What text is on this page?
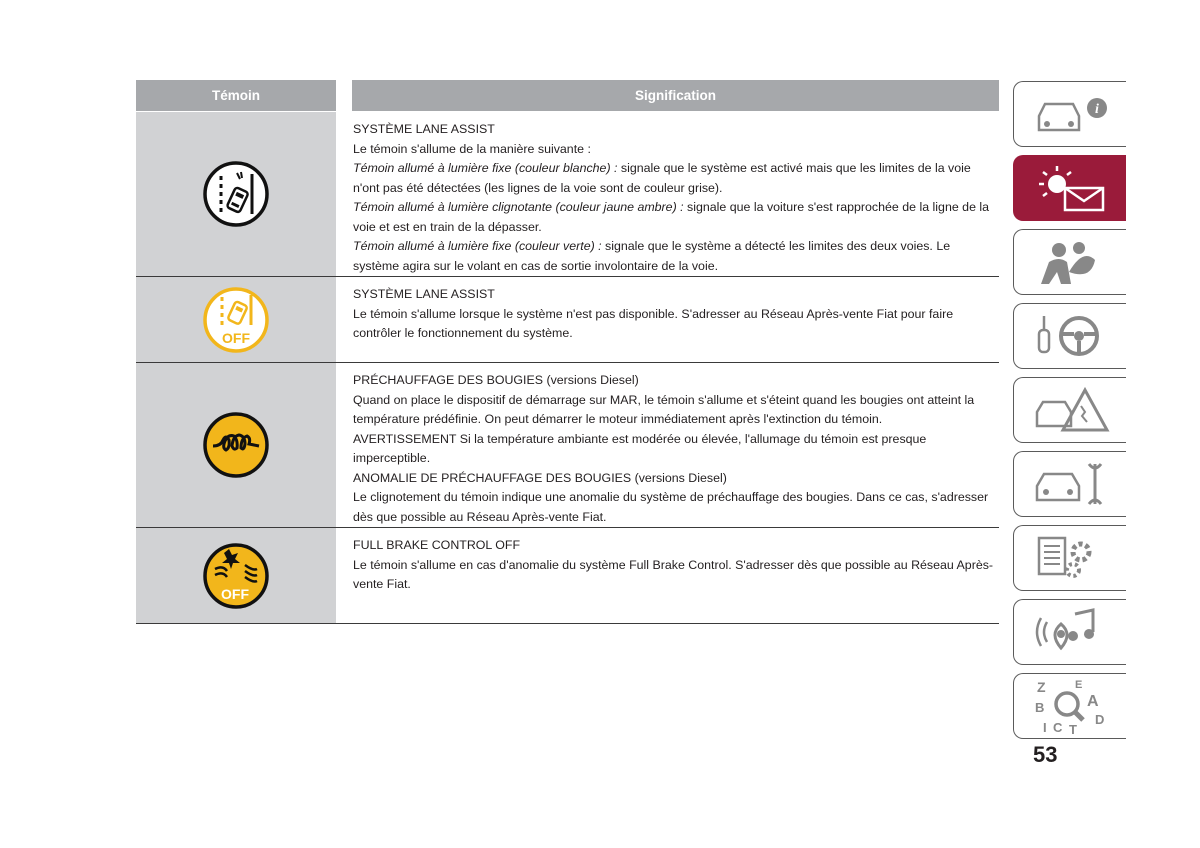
Témoin	Signification

SYSTÈME LANE ASSIST

Le témoin s'allume de la manière suivante :

Témoin allumé à lumière fixe (couleur blanche) : signale que le système est activé mais que les limites de la voie n'ont pas été détectées (les lignes de la voie sont de couleur grise).

Témoin allumé à lumière clignotante (couleur jaune ambre) : signale que la voiture s'est rapprochée de la ligne de la voie et est en train de la dépasser.

Témoin allumé à lumière fixe (couleur verte) : signale que le système a détecté les limites des deux voies. Le système agira sur le volant en cas de sortie involontaire de la voie.

OFF

SYSTÈME LANE ASSIST

Le témoin s'allume lorsque le système n'est pas disponible. S'adresser au Réseau Après-vente Fiat pour faire contrôler le fonctionnement du système.

PRÉCHAUFFAGE DES BOUGIES (versions Diesel)

Quand on place le dispositif de démarrage sur MAR, le témoin s'allume et s'éteint quand les bougies ont atteint la température prédéfinie. On peut démarrer le moteur immédiatement après l'extinction du témoin.

AVERTISSEMENT Si la température ambiante est modérée ou élevée, l'allumage du témoin est presque imperceptible.

ANOMALIE DE PRÉCHAUFFAGE DES BOUGIES (versions Diesel)

Le clignotement du témoin indique une anomalie du système de préchauffage des bougies. Dans ce cas, s'adresser dès que possible au Réseau Après-vente Fiat.

OFF

FULL BRAKE CONTROL OFF

Le témoin s'allume en cas d'anomalie du système Full Brake Control. S'adresser dès que possible au Réseau Après-vente Fiat.

i
Z	E
A
B
D
I C T
53
